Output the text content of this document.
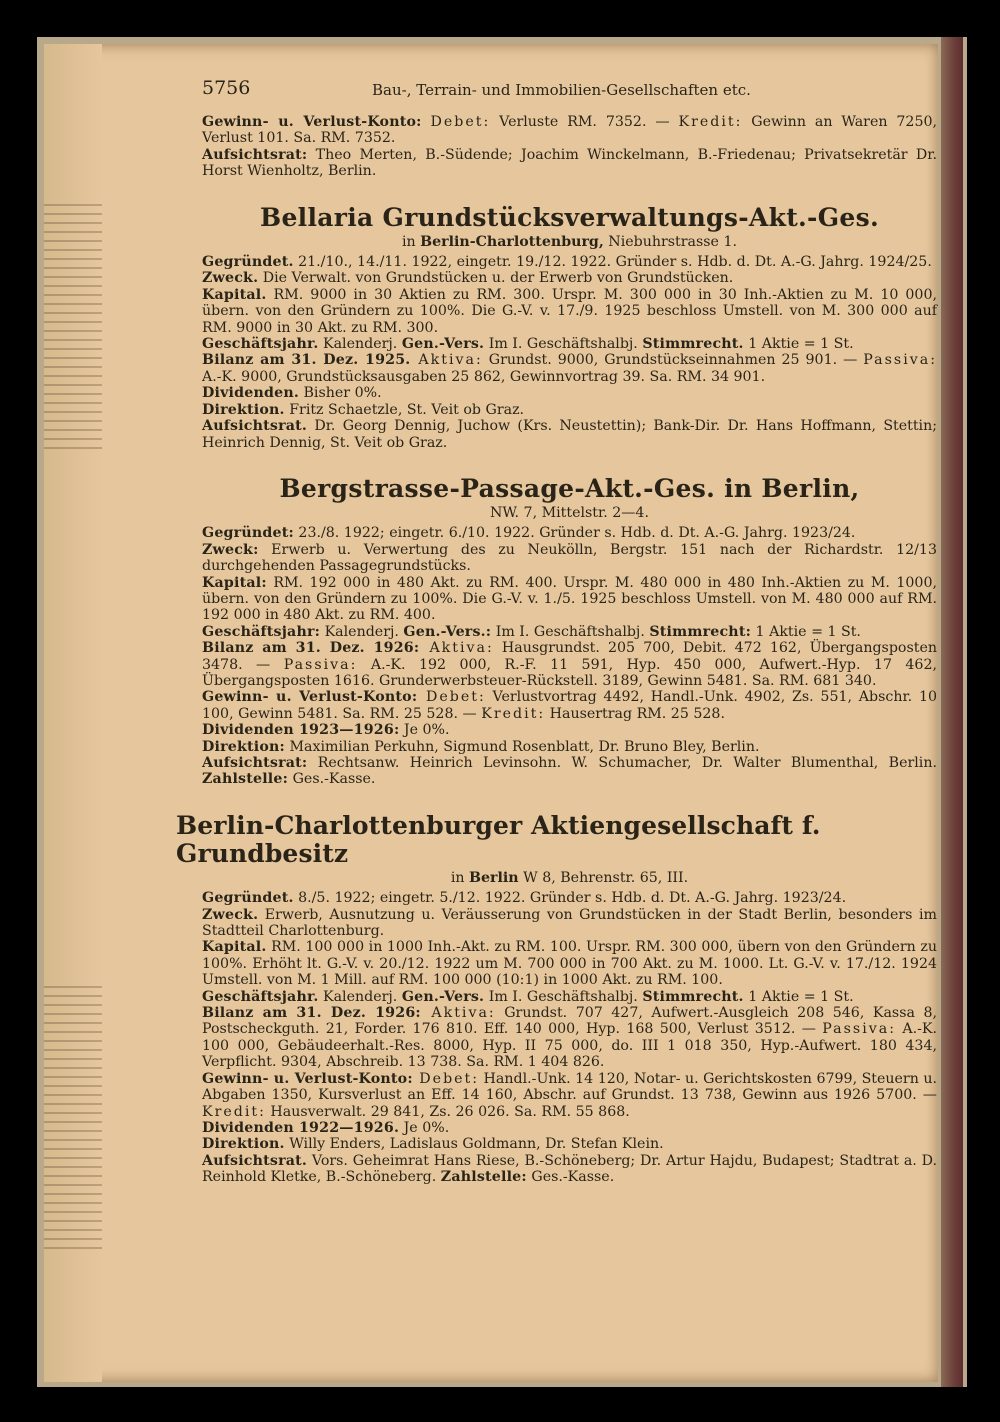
5756	Bau-, Terrain- und Immobilien-Gesellschaften etc.

Gewinn- u. Verlust-Konto: Debet: Verluste RM. 7352. — Kredit: Gewinn an Waren 7250, Verlust 101. Sa. RM. 7352.

Aufsichtsrat: Theo Merten, B.-Südende; Joachim Winckelmann, B.-Friedenau; Privatsekretär Dr. Horst Wienholtz, Berlin.

Bellaria Grundstücksverwaltungs-Akt.-Ges.
in Berlin-Charlottenburg, Niebuhrstrasse 1.

Gegründet. 21./10., 14./11. 1922, eingetr. 19./12. 1922. Gründer s. Hdb. d. Dt. A.-G. Jahrg. 1924/25.

Zweck. Die Verwalt. von Grundstücken u. der Erwerb von Grundstücken.

Kapital. RM. 9000 in 30 Aktien zu RM. 300. Urspr. M. 300 000 in 30 Inh.-Aktien zu M. 10 000, übern. von den Gründern zu 100%. Die G.-V. v. 17./9. 1925 beschloss Umstell. von M. 300 000 auf RM. 9000 in 30 Akt. zu RM. 300.

Geschäftsjahr. Kalenderj. Gen.-Vers. Im I. Geschäftshalbj. Stimmrecht. 1 Aktie = 1 St.

Bilanz am 31. Dez. 1925. Aktiva: Grundst. 9000, Grundstückseinnahmen 25 901. — Passiva: A.-K. 9000, Grundstücksausgaben 25 862, Gewinnvortrag 39. Sa. RM. 34 901.

Dividenden. Bisher 0%.

Direktion. Fritz Schaetzle, St. Veit ob Graz.

Aufsichtsrat. Dr. Georg Dennig, Juchow (Krs. Neustettin); Bank-Dir. Dr. Hans Hoffmann, Stettin; Heinrich Dennig, St. Veit ob Graz.

Bergstrasse-Passage-Akt.-Ges. in Berlin,
NW. 7, Mittelstr. 2—4.

Gegründet: 23./8. 1922; eingetr. 6./10. 1922. Gründer s. Hdb. d. Dt. A.-G. Jahrg. 1923/24.

Zweck: Erwerb u. Verwertung des zu Neukölln, Bergstr. 151 nach der Richardstr. 12/13 durchgehenden Passagegrundstücks.

Kapital: RM. 192 000 in 480 Akt. zu RM. 400. Urspr. M. 480 000 in 480 Inh.-Aktien zu M. 1000, übern. von den Gründern zu 100%. Die G.-V. v. 1./5. 1925 beschloss Umstell. von M. 480 000 auf RM. 192 000 in 480 Akt. zu RM. 400.

Geschäftsjahr: Kalenderj. Gen.-Vers.: Im I. Geschäftshalbj. Stimmrecht: 1 Aktie = 1 St.

Bilanz am 31. Dez. 1926: Aktiva: Hausgrundst. 205 700, Debit. 472 162, Übergangsposten 3478. — Passiva: A.-K. 192 000, R.-F. 11 591, Hyp. 450 000, Aufwert.-Hyp. 17 462, Übergangsposten 1616. Grunderwerbsteuer-Rückstell. 3189, Gewinn 5481. Sa. RM. 681 340.

Gewinn- u. Verlust-Konto: Debet: Verlustvortrag 4492, Handl.-Unk. 4902, Zs. 551, Abschr. 10 100, Gewinn 5481. Sa. RM. 25 528. — Kredit: Hausertrag RM. 25 528.

Dividenden 1923—1926: Je 0%.

Direktion: Maximilian Perkuhn, Sigmund Rosenblatt, Dr. Bruno Bley, Berlin.

Aufsichtsrat: Rechtsanw. Heinrich Levinsohn. W. Schumacher, Dr. Walter Blumenthal, Berlin. Zahlstelle: Ges.-Kasse.

Berlin-Charlottenburger Aktiengesellschaft f. Grundbesitz
in Berlin W 8, Behrenstr. 65, III.

Gegründet. 8./5. 1922; eingetr. 5./12. 1922. Gründer s. Hdb. d. Dt. A.-G. Jahrg. 1923/24.

Zweck. Erwerb, Ausnutzung u. Veräusserung von Grundstücken in der Stadt Berlin, besonders im Stadtteil Charlottenburg.

Kapital. RM. 100 000 in 1000 Inh.-Akt. zu RM. 100. Urspr. RM. 300 000, übern von den Gründern zu 100%. Erhöht lt. G.-V. v. 20./12. 1922 um M. 700 000 in 700 Akt. zu M. 1000. Lt. G.-V. v. 17./12. 1924 Umstell. von M. 1 Mill. auf RM. 100 000 (10:1) in 1000 Akt. zu RM. 100.

Geschäftsjahr. Kalenderj. Gen.-Vers. Im I. Geschäftshalbj. Stimmrecht. 1 Aktie = 1 St.

Bilanz am 31. Dez. 1926: Aktiva: Grundst. 707 427, Aufwert.-Ausgleich 208 546, Kassa 8, Postscheckguth. 21, Forder. 176 810. Eff. 140 000, Hyp. 168 500, Verlust 3512. — Passiva: A.-K. 100 000, Gebäudeerhalt.-Res. 8000, Hyp. II 75 000, do. III 1 018 350, Hyp.-Aufwert. 180 434, Verpflicht. 9304, Abschreib. 13 738. Sa. RM. 1 404 826.

Gewinn- u. Verlust-Konto: Debet: Handl.-Unk. 14 120, Notar- u. Gerichtskosten 6799, Steuern u. Abgaben 1350, Kursverlust an Eff. 14 160, Abschr. auf Grundst. 13 738, Gewinn aus 1926 5700. — Kredit: Hausverwalt. 29 841, Zs. 26 026. Sa. RM. 55 868.

Dividenden 1922—1926. Je 0%.

Direktion. Willy Enders, Ladislaus Goldmann, Dr. Stefan Klein.

Aufsichtsrat. Vors. Geheimrat Hans Riese, B.-Schöneberg; Dr. Artur Hajdu, Budapest; Stadtrat a. D. Reinhold Kletke, B.-Schöneberg. Zahlstelle: Ges.-Kasse.
